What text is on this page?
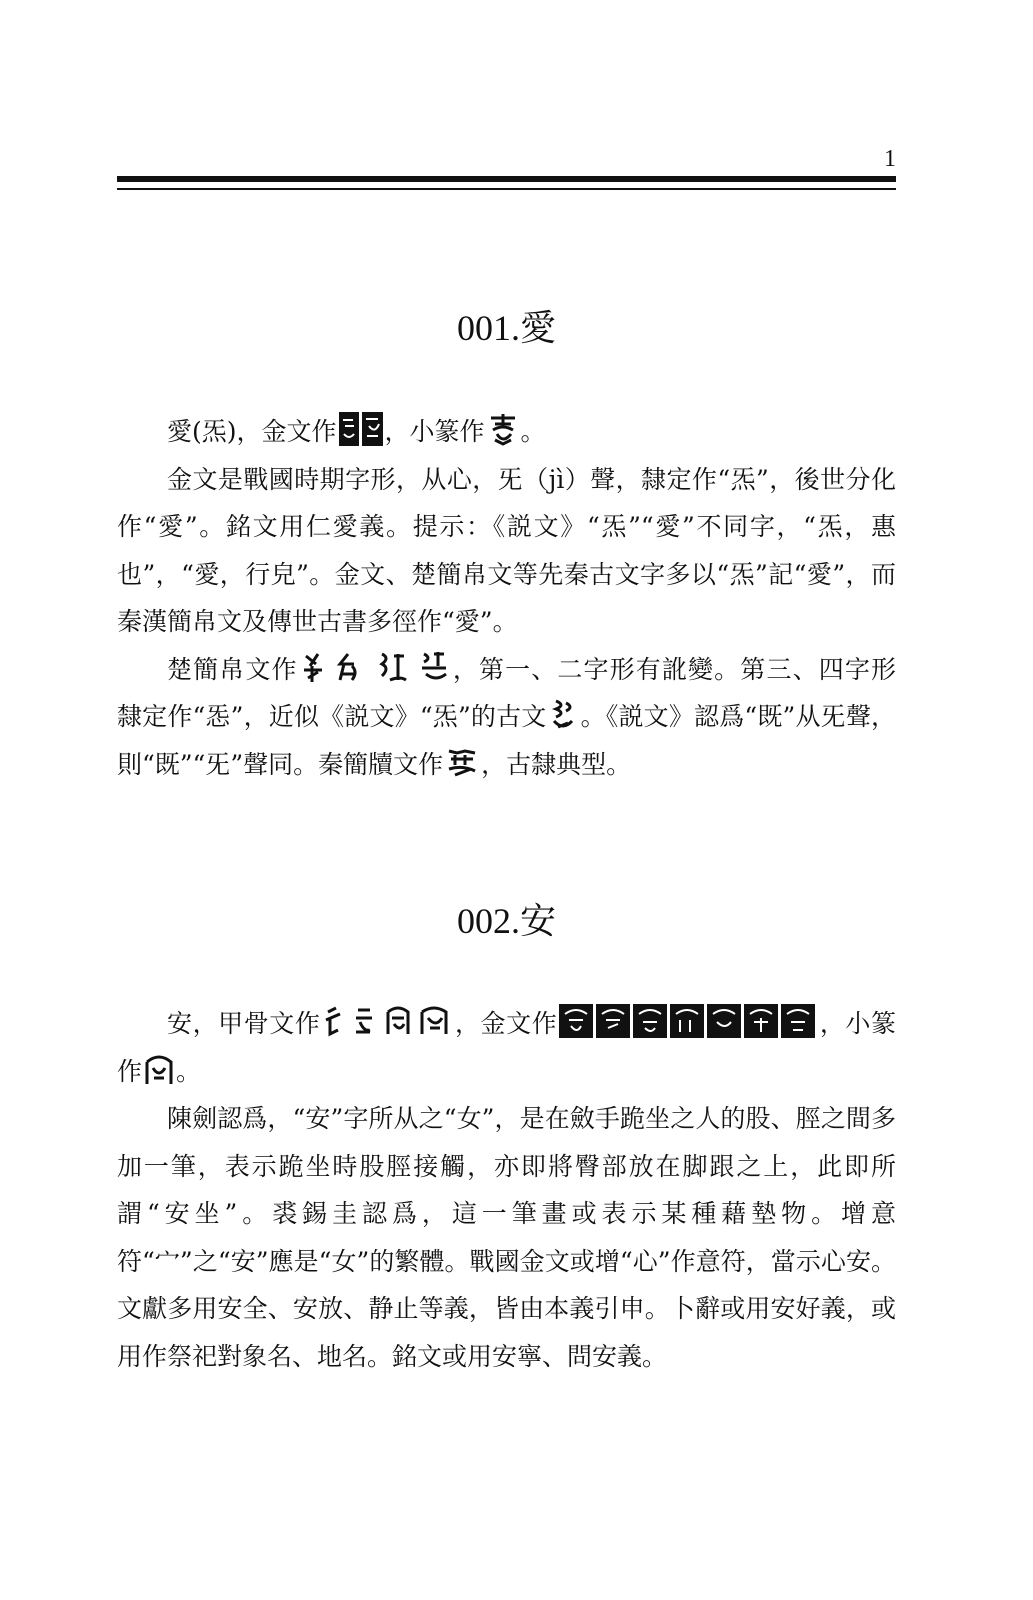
1
001.愛

愛(炁)，金文作 ，小篆作 。

金文是戰國時期字形，从心，旡（jì）聲，隸定作“炁”，後世分化作“愛”。銘文用仁愛義。提示：《説文》“炁”“愛”不同字，“炁，惠也”，“愛，行皃”。金文、楚簡帛文等先秦古文字多以“炁”記“愛”，而秦漢簡帛文及傳世古書多徑作“愛”。

楚簡帛文作	，第一、二字形有訛變。第三、四字形隸定作“㤅”，近似《説文》“炁”的古文 。《説文》認爲“既”从旡聲，則“既”“旡”聲同。秦簡牘文作 ，古隸典型。

002.安

安，甲骨文作	，金文作	，小篆作 。

陳劍認爲，“安”字所从之“女”，是在斂手跪坐之人的股、脛之間多加一筆，表示跪坐時股脛接觸，亦即將臀部放在脚跟之上，此即所謂“安坐”。裘錫圭認爲，這一筆畫或表示某種藉墊物。增意符“宀”之“安”應是“女”的繁體。戰國金文或增“心”作意符，當示心安。文獻多用安全、安放、静止等義，皆由本義引申。卜辭或用安好義，或用作祭祀對象名、地名。銘文或用安寧、問安義。
